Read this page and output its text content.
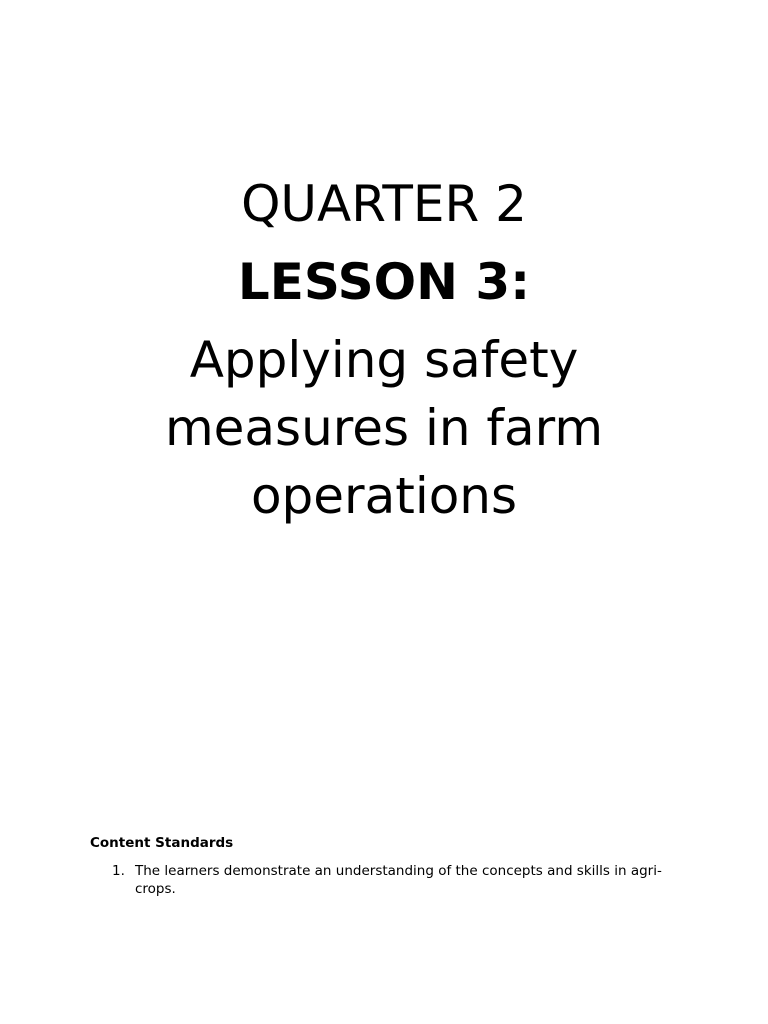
QUARTER 2
LESSON 3:
Applying safety measures in farm operations

Content Standards

1. The learners demonstrate an understanding of the concepts and skills in agri-crops.
